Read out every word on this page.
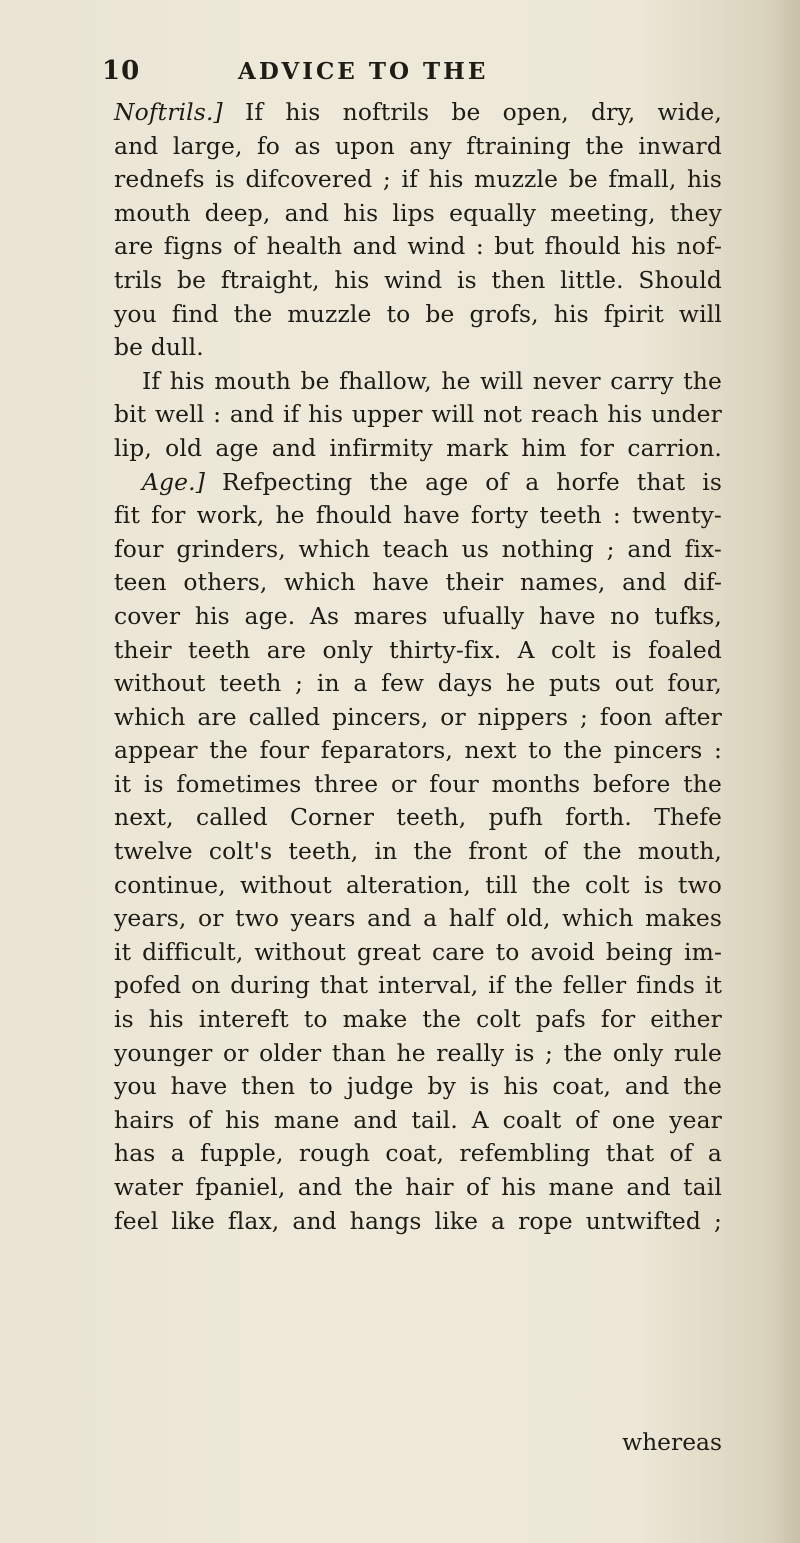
10	ADVICE TO THE
Noftrils.] If his noftrils be open, dry, wide,
and large, fo as upon any ftraining the inward
rednefs is difcovered ; if his muzzle be fmall, his
mouth deep, and his lips equally meeting, they
are figns of health and wind : but fhould his nof-
trils be ftraight, his wind is then little. Should
you find the muzzle to be grofs, his fpirit will
be dull.
If his mouth be fhallow, he will never carry the
bit well : and if his upper will not reach his under
lip, old age and infirmity mark him for carrion.
Age.] Refpecting the age of a horfe that is
fit for work, he fhould have forty teeth : twenty-
four grinders, which teach us nothing ; and fix-
teen others, which have their names, and dif-
cover his age. As mares ufually have no tufks,
their teeth are only thirty-fix. A colt is foaled
without teeth ; in a few days he puts out four,
which are called pincers, or nippers ; foon after
appear the four feparators, next to the pincers :
it is fometimes three or four months before the
next, called Corner teeth, pufh forth. Thefe
twelve colt's teeth, in the front of the mouth,
continue, without alteration, till the colt is two
years, or two years and a half old, which makes
it difficult, without great care to avoid being im-
pofed on during that interval, if the feller finds it
is his intereft to make the colt pafs for either
younger or older than he really is ; the only rule
you have then to judge by is his coat, and the
hairs of his mane and tail. A coalt of one year
has a fupple, rough coat, refembling that of a
water fpaniel, and the hair of his mane and tail
feel like flax, and hangs like a rope untwifted ;
whereas
